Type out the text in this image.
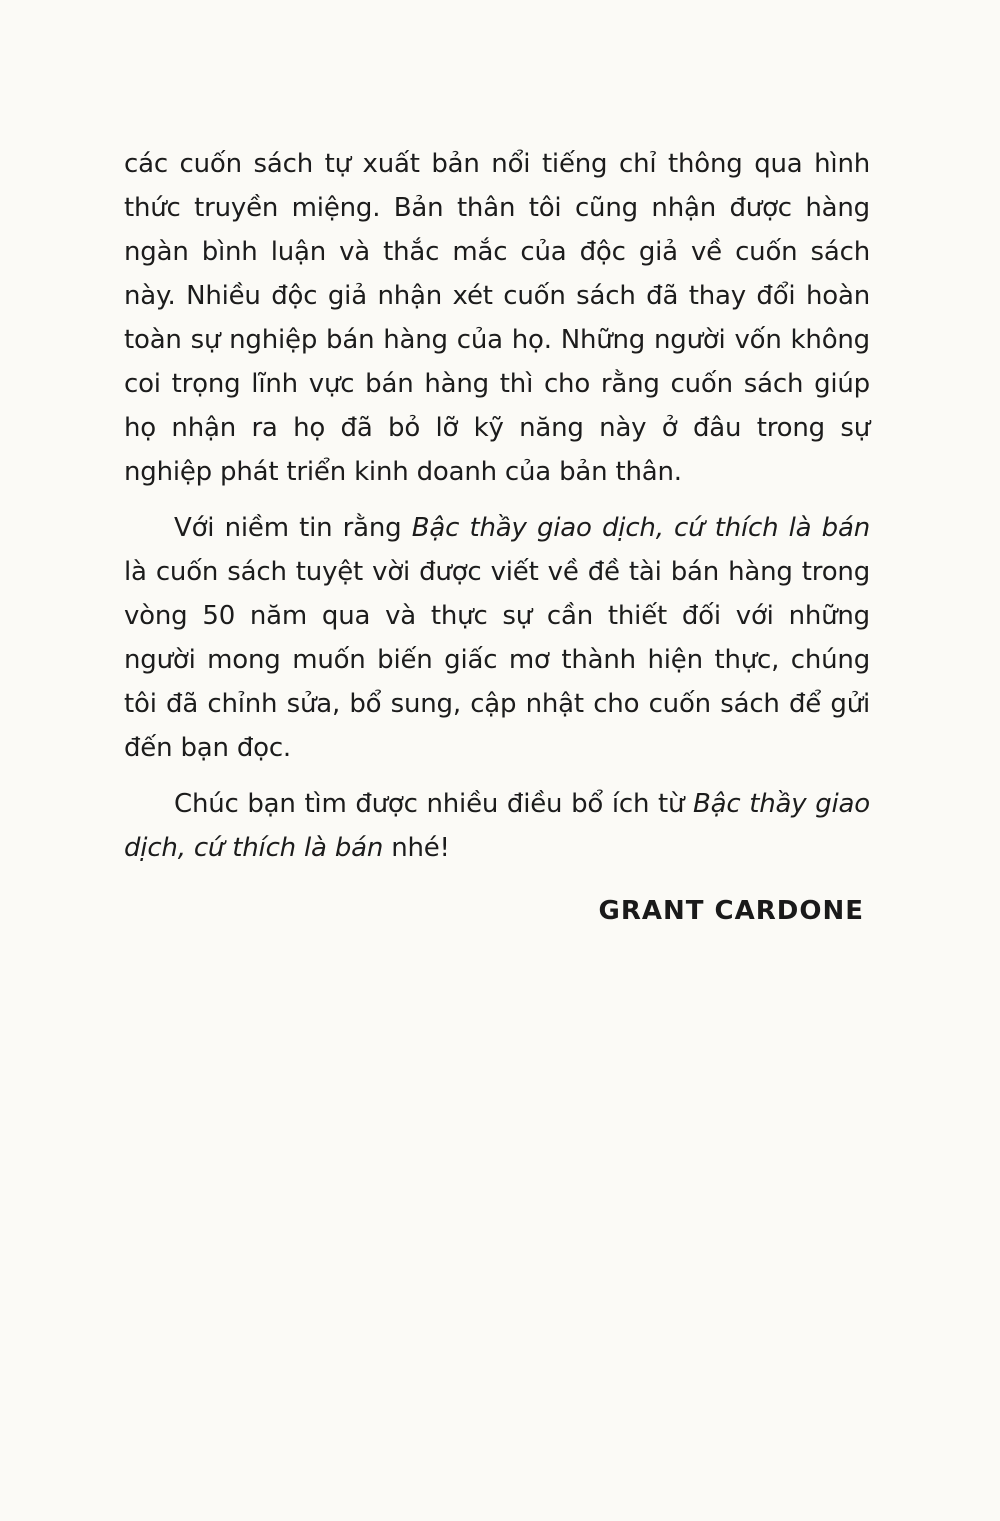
các cuốn sách tự xuất bản nổi tiếng chỉ thông qua hình thức truyền miệng. Bản thân tôi cũng nhận được hàng ngàn bình luận và thắc mắc của độc giả về cuốn sách này. Nhiều độc giả nhận xét cuốn sách đã thay đổi hoàn toàn sự nghiệp bán hàng của họ. Những người vốn không coi trọng lĩnh vực bán hàng thì cho rằng cuốn sách giúp họ nhận ra họ đã bỏ lỡ kỹ năng này ở đâu trong sự nghiệp phát triển kinh doanh của bản thân.

Với niềm tin rằng Bậc thầy giao dịch, cứ thích là bán là cuốn sách tuyệt vời được viết về đề tài bán hàng trong vòng 50 năm qua và thực sự cần thiết đối với những người mong muốn biến giấc mơ thành hiện thực, chúng tôi đã chỉnh sửa, bổ sung, cập nhật cho cuốn sách để gửi đến bạn đọc.

Chúc bạn tìm được nhiều điều bổ ích từ Bậc thầy giao dịch, cứ thích là bán nhé!

GRANT CARDONE
